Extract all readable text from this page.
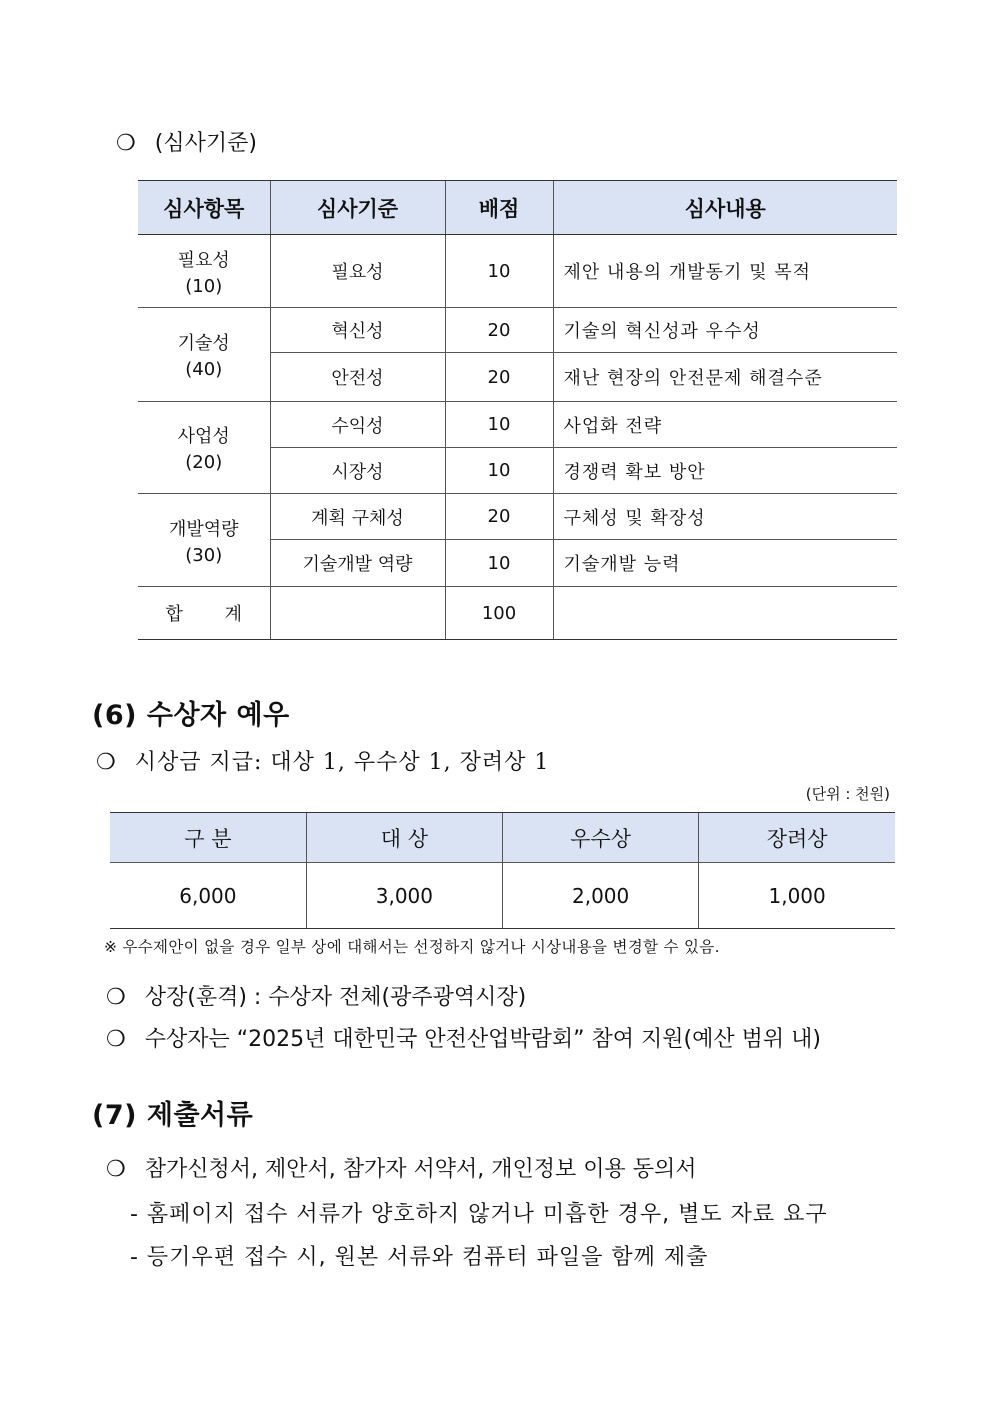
❍ (심사기준)
심사항목	심사기준	배점	심사내용

필요성
(10)	필요성	10	제안 내용의 개발동기 및 목적

기술성
(40)	혁신성	20	기술의 혁신성과 우수성
	안전성	20	재난 현장의 안전문제 해결수준

사업성
(20)	수익성	10	사업화 전략
	시장성	10	경쟁력 확보 방안

개발역량
(30)	계획 구체성	20	구체성 및 확장성
	기술개발 역량	10	기술개발 능력
합 계		100	
(6) 수상자 예우
❍ 시상금 지급: 대상 1, 우수상 1, 장려상 1
(단위 : 천원)
구 분	대 상	우수상	장려상
6,000	3,000	2,000	1,000
※ 우수제안이 없을 경우 일부 상에 대해서는 선정하지 않거나 시상내용을 변경할 수 있음.
❍ 상장(훈격) : 수상자 전체(광주광역시장)
❍ 수상자는 “2025년 대한민국 안전산업박람회” 참여 지원(예산 범위 내)
(7) 제출서류
❍ 참가신청서, 제안서, 참가자 서약서, 개인정보 이용 동의서
- 홈페이지 접수 서류가 양호하지 않거나 미흡한 경우, 별도 자료 요구
- 등기우편 접수 시, 원본 서류와 컴퓨터 파일을 함께 제출
